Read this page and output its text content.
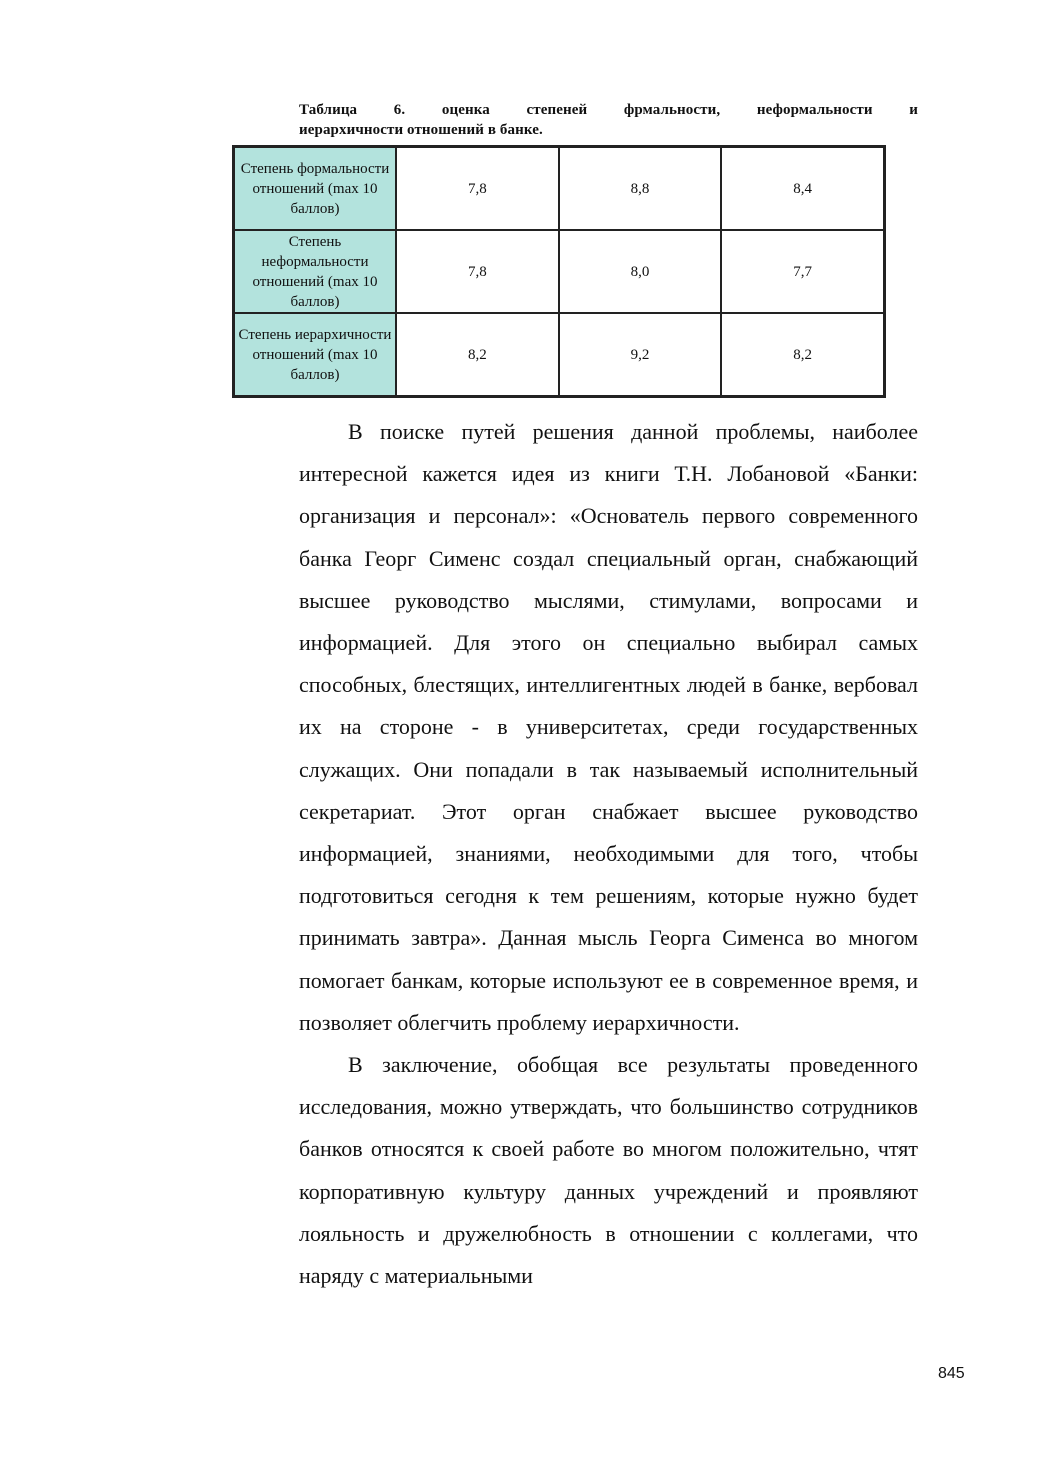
Таблица 6. оценка степеней фрмальности, неформальности и
иерархичности отношений в банке.
Степень формальности отношений (max 10 баллов)	7,8	8,8	8,4
Степень неформальности отношений (max 10 баллов)	7,8	8,0	7,7
Степень иерархичности отношений (max 10 баллов)	8,2	9,2	8,2

В поиске путей решения данной проблемы, наиболее интересной кажется идея из книги Т.Н. Лобановой «Банки: организация и персонал»: «Основатель первого современного банка Георг Сименс создал специальный орган, снабжающий высшее руководство мыслями, стимулами, вопросами и информацией. Для этого он специально выбирал самых способных, блестящих, интеллигентных людей в банке, вербовал их на стороне - в университетах, среди государственных служащих. Они попадали в так называемый исполнительный секретариат. Этот орган снабжает высшее руководство информацией, знаниями, необходимыми для того, чтобы подготовиться сегодня к тем решениям, которые нужно будет принимать завтра». Данная мысль Георга Сименса во многом помогает банкам, которые используют ее в современное время, и позволяет облегчить проблему иерархичности.

В заключение, обобщая все результаты проведенного исследования, можно утверждать, что большинство сотрудников банков относятся к своей работе во многом положительно, чтят корпоративную культуру данных учреждений и проявляют лояльность и дружелюбность в отношении с коллегами, что наряду с материальными

845
